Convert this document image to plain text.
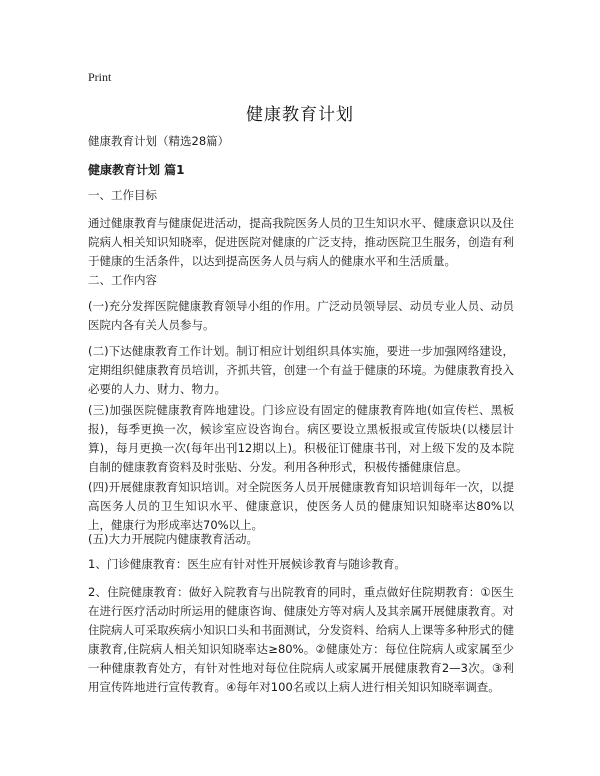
Print
健康教育计划
健康教育计划（精选28篇）
健康教育计划 篇1

一、工作目标

通过健康教育与健康促进活动，提高我院医务人员的卫生知识水平、健康意识以及住院病人相关知识知晓率，促进医院对健康的广泛支持，推动医院卫生服务，创造有利于健康的生活条件，以达到提高医务人员与病人的健康水平和生活质量。

二、工作内容

(一)充分发挥医院健康教育领导小组的作用。广泛动员领导层、动员专业人员、动员医院内各有关人员参与。

(二)下达健康教育工作计划。制订相应计划组织具体实施，要进一步加强网络建设，定期组织健康教育员培训，齐抓共管，创建一个有益于健康的环境。为健康教育投入必要的人力、财力、物力。

(三)加强医院健康教育阵地建设。门诊应设有固定的健康教育阵地(如宣传栏、黑板报)，每季更换一次，候诊室应设咨询台。病区要设立黑板报或宣传版块(以楼层计算)，每月更换一次(每年出刊12期以上)。积极征订健康书刊，对上级下发的及本院自制的健康教育资料及时张贴、分发。利用各种形式，积极传播健康信息。

(四)开展健康教育知识培训。对全院医务人员开展健康教育知识培训每年一次，以提高医务人员的卫生知识水平、健康意识，使医务人员的健康知识知晓率达80%以上，健康行为形成率达70%以上。

(五)大力开展院内健康教育活动。

1、门诊健康教育：医生应有针对性开展候诊教育与随诊教育。

2、住院健康教育：做好入院教育与出院教育的同时，重点做好住院期教育：①医生在进行医疗活动时所运用的健康咨询、健康处方等对病人及其亲属开展健康教育。对住院病人可采取疾病小知识口头和书面测试，分发资料、给病人上课等多种形式的健康教育,住院病人相关知识知晓率达≥80%。②健康处方：每位住院病人或家属至少一种健康教育处方，有针对性地对每位住院病人或家属开展健康教育2—3次。③利用宣传阵地进行宣传教育。④每年对100名或以上病人进行相关知识知晓率调查。
